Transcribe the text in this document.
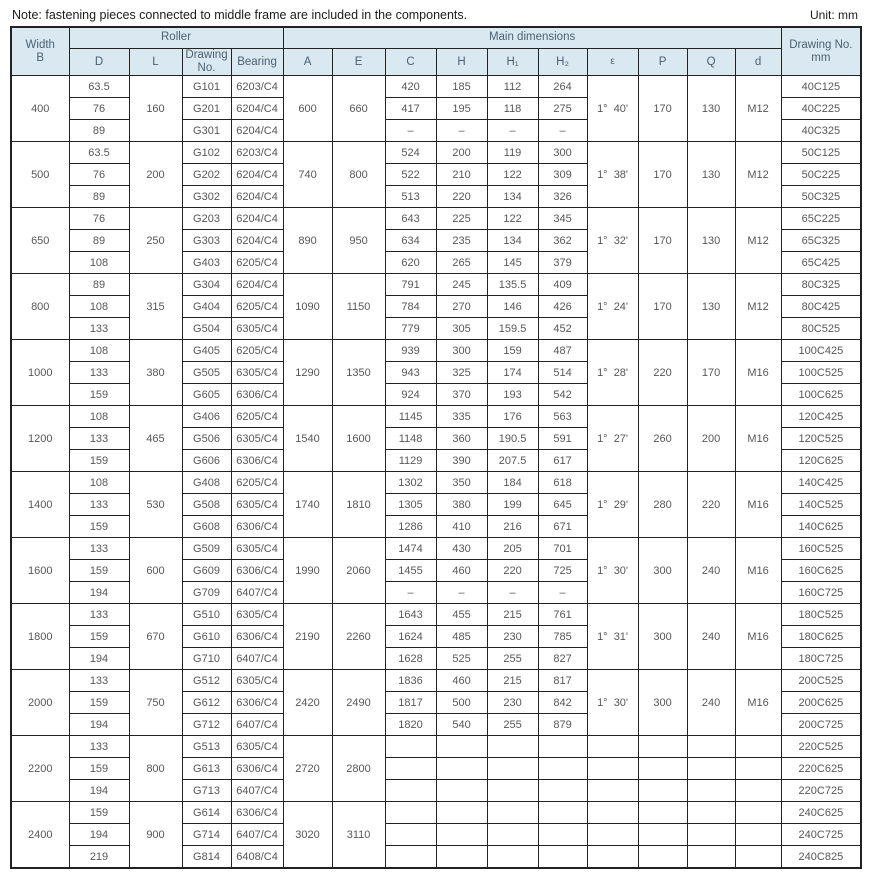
Note: fastening pieces connected to middle frame are included in the components.	Unit: mm
Width
B	Roller				Main dimensions										Drawing No.
mm
	D	L	Drawing No.	Bearing	A	E	C	H	H₁	H₂	ε	P	Q	d	
400	63.5	160	G101	6203/C4	600	660	420	185	112	264	1°  40'	170	130	M12	40C125
	76		G201	6204/C4			417	195	118	275					40C225
	89		G301	6204/C4			–	–	–	–					40C325
500	63.5	200	G102	6203/C4	740	800	524	200	119	300	1°  38'	170	130	M12	50C125
	76		G202	6204/C4			522	210	122	309					50C225
	89		G302	6204/C4			513	220	134	326					50C325
650	76	250	G203	6204/C4	890	950	643	225	122	345	1°  32'	170	130	M12	65C225
	89		G303	6204/C4			634	235	134	362					65C325
	108		G403	6205/C4			620	265	145	379					65C425
800	89	315	G304	6204/C4	1090	1150	791	245	135.5	409	1°  24'	170	130	M12	80C325
	108		G404	6205/C4			784	270	146	426					80C425
	133		G504	6305/C4			779	305	159.5	452					80C525
1000	108	380	G405	6205/C4	1290	1350	939	300	159	487	1°  28'	220	170	M16	100C425
	133		G505	6305/C4			943	325	174	514					100C525
	159		G605	6306/C4			924	370	193	542					100C625
1200	108	465	G406	6205/C4	1540	1600	1145	335	176	563	1°  27'	260	200	M16	120C425
	133		G506	6305/C4			1148	360	190.5	591					120C525
	159		G606	6306/C4			1129	390	207.5	617					120C625
1400	108	530	G408	6205/C4	1740	1810	1302	350	184	618	1°  29'	280	220	M16	140C425
	133		G508	6305/C4			1305	380	199	645					140C525
	159		G608	6306/C4			1286	410	216	671					140C625
1600	133	600	G509	6305/C4	1990	2060	1474	430	205	701	1°  30'	300	240	M16	160C525
	159		G609	6306/C4			1455	460	220	725					160C625
	194		G709	6407/C4			–	–	–	–					160C725
1800	133	670	G510	6305/C4	2190	2260	1643	455	215	761	1°  31'	300	240	M16	180C525
	159		G610	6306/C4			1624	485	230	785					180C625
	194		G710	6407/C4			1628	525	255	827					180C725
2000	133	750	G512	6305/C4	2420	2490	1836	460	215	817	1°  30'	300	240	M16	200C525
	159		G612	6306/C4			1817	500	230	842					200C625
	194		G712	6407/C4			1820	540	255	879					200C725
2200	133	800	G513	6305/C4	2720	2800									220C525
	159		G613	6306/C4											220C625
	194		G713	6407/C4											220C725
2400	159	900	G614	6306/C4	3020	3110									240C625
	194		G714	6407/C4											240C725
	219		G814	6408/C4											240C825
